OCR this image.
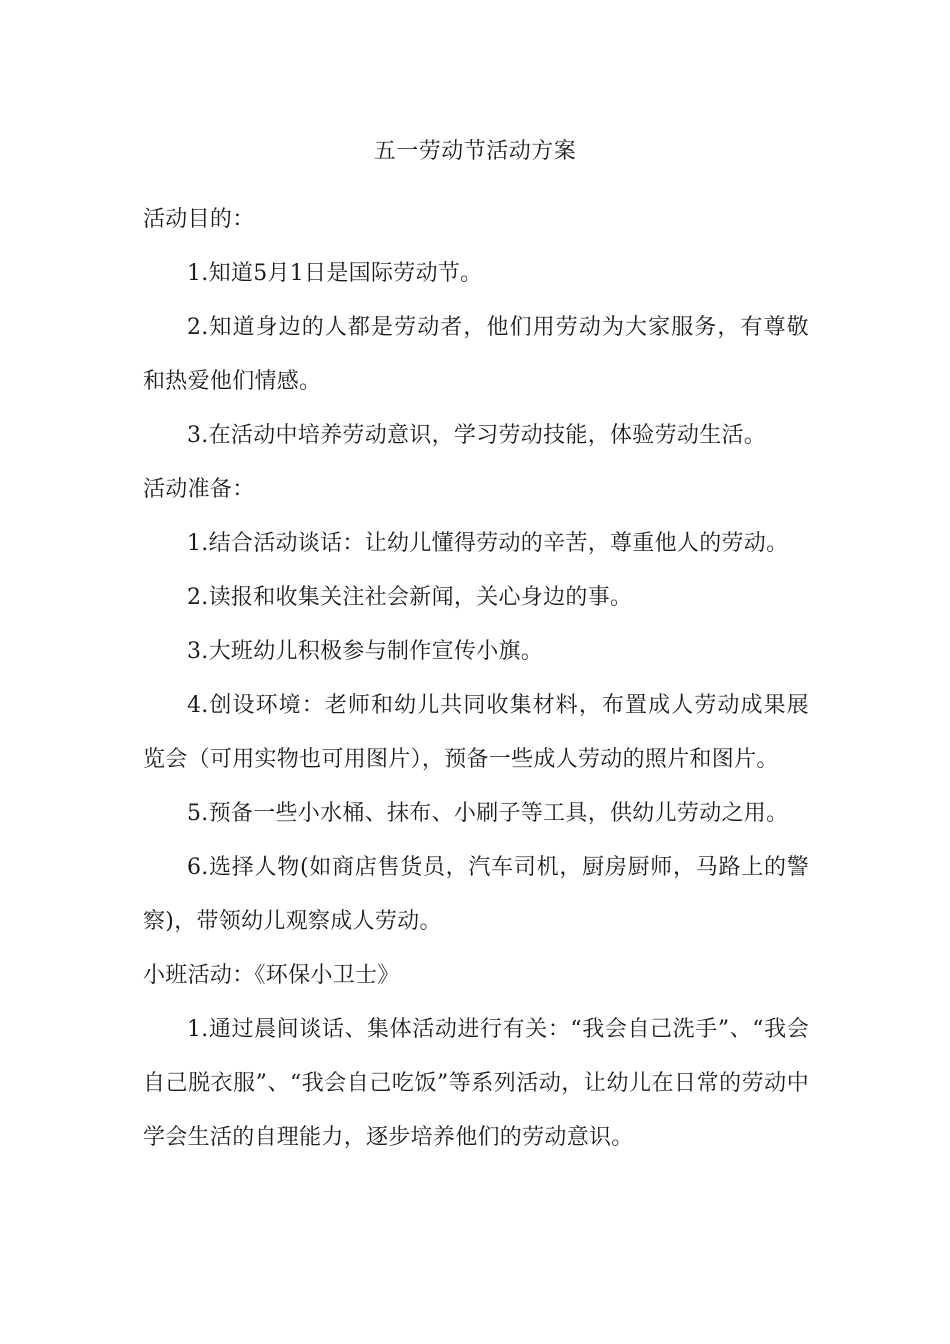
五一劳动节活动方案

活动目的：

1.知道5月1日是国际劳动节。

2.知道身边的人都是劳动者，他们用劳动为大家服务，有尊敬和热爱他们情感。

3.在活动中培养劳动意识，学习劳动技能，体验劳动生活。

活动准备：

1.结合活动谈话：让幼儿懂得劳动的辛苦，尊重他人的劳动。

2.读报和收集关注社会新闻，关心身边的事。

3.大班幼儿积极参与制作宣传小旗。

4.创设环境：老师和幼儿共同收集材料，布置成人劳动成果展览会（可用实物也可用图片），预备一些成人劳动的照片和图片。

5.预备一些小水桶、抹布、小刷子等工具，供幼儿劳动之用。

6.选择人物(如商店售货员，汽车司机，厨房厨师，马路上的警察)，带领幼儿观察成人劳动。

小班活动：《环保小卫士》

1.通过晨间谈话、集体活动进行有关：“我会自己洗手”、“我会自己脱衣服”、“我会自己吃饭”等系列活动，让幼儿在日常的劳动中学会生活的自理能力，逐步培养他们的劳动意识。
